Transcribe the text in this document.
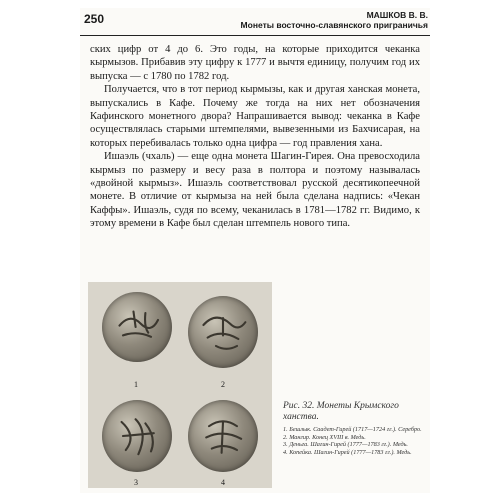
250	МАШКОВ В. В.
Монеты восточно-славянского приграничья

ских цифр от 4 до 6. Это годы, на которые приходится чеканка кырмызов. Прибавив эту цифру к 1777 и вычтя единицу, получим год их выпуска — с 1780 по 1782 год.

Получается, что в тот период кырмызы, как и другая ханская монета, выпускались в Кафе. Почему же тогда на них нет обозначения Кафинского монетного двора? Напрашивается вывод: чеканка в Кафе осуществлялась старыми штемпелями, вывезенными из Бахчисарая, на которых перебивалась только одна цифра — год правления хана.

Ишаэль (чхаль) — еще одна монета Шагин-Гирея. Она превосходила кырмыз по размеру и весу раза в полтора и поэтому называлась «двойной кырмыз». Ишаэль соответствовал русской десятикопеечной монете. В отличие от кырмыза на ней была сделана надпись: «Чекан Каффы». Ишаэль, судя по всему, чеканилась в 1781—1782 гг. Видимо, к этому времени в Кафе был сделан штемпель нового типа.

1	2
3	4
Рис. 32. Монеты Крымского ханства.
1. Бешлык. Саадет-Гирей (1717—1724 гг.). Серебро.
2. Мангир. Конец XVIII в. Медь.
3. Деньга. Шагин-Гирей (1777—1783 гг.). Медь.
4. Копейка. Шагин-Гирей (1777—1783 гг.). Медь.
